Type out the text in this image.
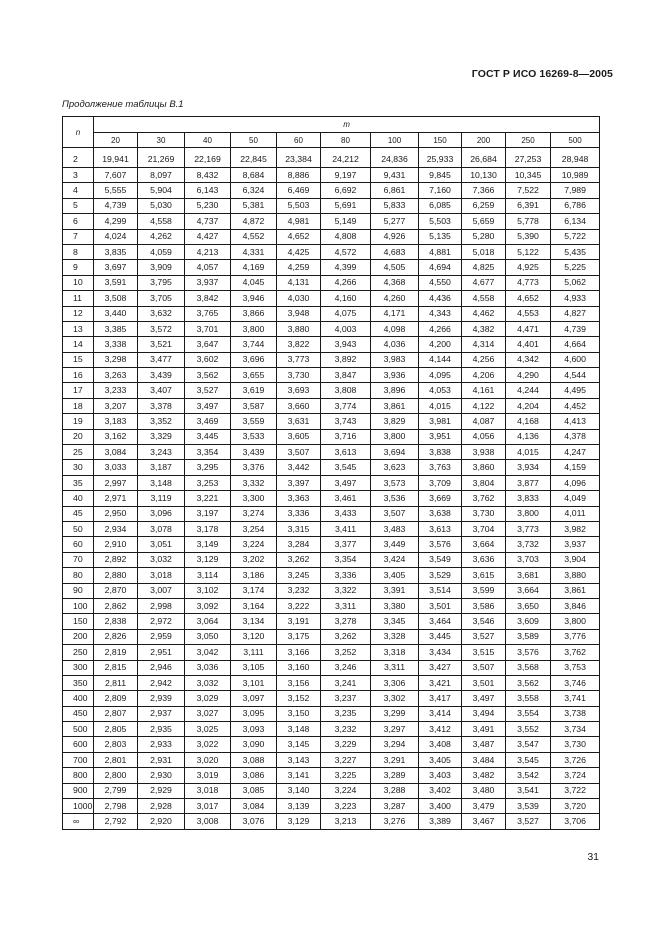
ГОСТ Р ИСО 16269-8—2005
Продолжение таблицы В.1
n	m										
	20	30	40	50	60	80	100	150	200	250	500
2	19,941	21,269	22,169	22,845	23,384	24,212	24,836	25,933	26,684	27,253	28,948
3	7,607	8,097	8,432	8,684	8,886	9,197	9,431	9,845	10,130	10,345	10,989
4	5,555	5,904	6,143	6,324	6,469	6,692	6,861	7,160	7,366	7,522	7,989
5	4,739	5,030	5,230	5,381	5,503	5,691	5,833	6,085	6,259	6,391	6,786
6	4,299	4,558	4,737	4,872	4,981	5,149	5,277	5,503	5,659	5,778	6,134
7	4,024	4,262	4,427	4,552	4,652	4,808	4,926	5,135	5,280	5,390	5,722
8	3,835	4,059	4,213	4,331	4,425	4,572	4,683	4,881	5,018	5,122	5,435
9	3,697	3,909	4,057	4,169	4,259	4,399	4,505	4,694	4,825	4,925	5,225
10	3,591	3,795	3,937	4,045	4,131	4,266	4,368	4,550	4,677	4,773	5,062
11	3,508	3,705	3,842	3,946	4,030	4,160	4,260	4,436	4,558	4,652	4,933
12	3,440	3,632	3,765	3,866	3,948	4,075	4,171	4,343	4,462	4,553	4,827
13	3,385	3,572	3,701	3,800	3,880	4,003	4,098	4,266	4,382	4,471	4,739
14	3,338	3,521	3,647	3,744	3,822	3,943	4,036	4,200	4,314	4,401	4,664
15	3,298	3,477	3,602	3,696	3,773	3,892	3,983	4,144	4,256	4,342	4,600
16	3,263	3,439	3,562	3,655	3,730	3,847	3,936	4,095	4,206	4,290	4,544
17	3,233	3,407	3,527	3,619	3,693	3,808	3,896	4,053	4,161	4,244	4,495
18	3,207	3,378	3,497	3,587	3,660	3,774	3,861	4,015	4,122	4,204	4,452
19	3,183	3,352	3,469	3,559	3,631	3,743	3,829	3,981	4,087	4,168	4,413
20	3,162	3,329	3,445	3,533	3,605	3,716	3,800	3,951	4,056	4,136	4,378
25	3,084	3,243	3,354	3,439	3,507	3,613	3,694	3,838	3,938	4,015	4,247
30	3,033	3,187	3,295	3,376	3,442	3,545	3,623	3,763	3,860	3,934	4,159
35	2,997	3,148	3,253	3,332	3,397	3,497	3,573	3,709	3,804	3,877	4,096
40	2,971	3,119	3,221	3,300	3,363	3,461	3,536	3,669	3,762	3,833	4,049
45	2,950	3,096	3,197	3,274	3,336	3,433	3,507	3,638	3,730	3,800	4,011
50	2,934	3,078	3,178	3,254	3,315	3,411	3,483	3,613	3,704	3,773	3,982
60	2,910	3,051	3,149	3,224	3,284	3,377	3,449	3,576	3,664	3,732	3,937
70	2,892	3,032	3,129	3,202	3,262	3,354	3,424	3,549	3,636	3,703	3,904
80	2,880	3,018	3,114	3,186	3,245	3,336	3,405	3,529	3,615	3,681	3,880
90	2,870	3,007	3,102	3,174	3,232	3,322	3,391	3,514	3,599	3,664	3,861
100	2,862	2,998	3,092	3,164	3,222	3,311	3,380	3,501	3,586	3,650	3,846
150	2,838	2,972	3,064	3,134	3,191	3,278	3,345	3,464	3,546	3,609	3,800
200	2,826	2,959	3,050	3,120	3,175	3,262	3,328	3,445	3,527	3,589	3,776
250	2,819	2,951	3,042	3,111	3,166	3,252	3,318	3,434	3,515	3,576	3,762
300	2,815	2,946	3,036	3,105	3,160	3,246	3,311	3,427	3,507	3,568	3,753
350	2,811	2,942	3,032	3,101	3,156	3,241	3,306	3,421	3,501	3,562	3,746
400	2,809	2,939	3,029	3,097	3,152	3,237	3,302	3,417	3,497	3,558	3,741
450	2,807	2,937	3,027	3,095	3,150	3,235	3,299	3,414	3,494	3,554	3,738
500	2,805	2,935	3,025	3,093	3,148	3,232	3,297	3,412	3,491	3,552	3,734
600	2,803	2,933	3,022	3,090	3,145	3,229	3,294	3,408	3,487	3,547	3,730
700	2,801	2,931	3,020	3,088	3,143	3,227	3,291	3,405	3,484	3,545	3,726
800	2,800	2,930	3,019	3,086	3,141	3,225	3,289	3,403	3,482	3,542	3,724
900	2,799	2,929	3,018	3,085	3,140	3,224	3,288	3,402	3,480	3,541	3,722
1000	2,798	2,928	3,017	3,084	3,139	3,223	3,287	3,400	3,479	3,539	3,720
∞	2,792	2,920	3,008	3,076	3,129	3,213	3,276	3,389	3,467	3,527	3,706
31
